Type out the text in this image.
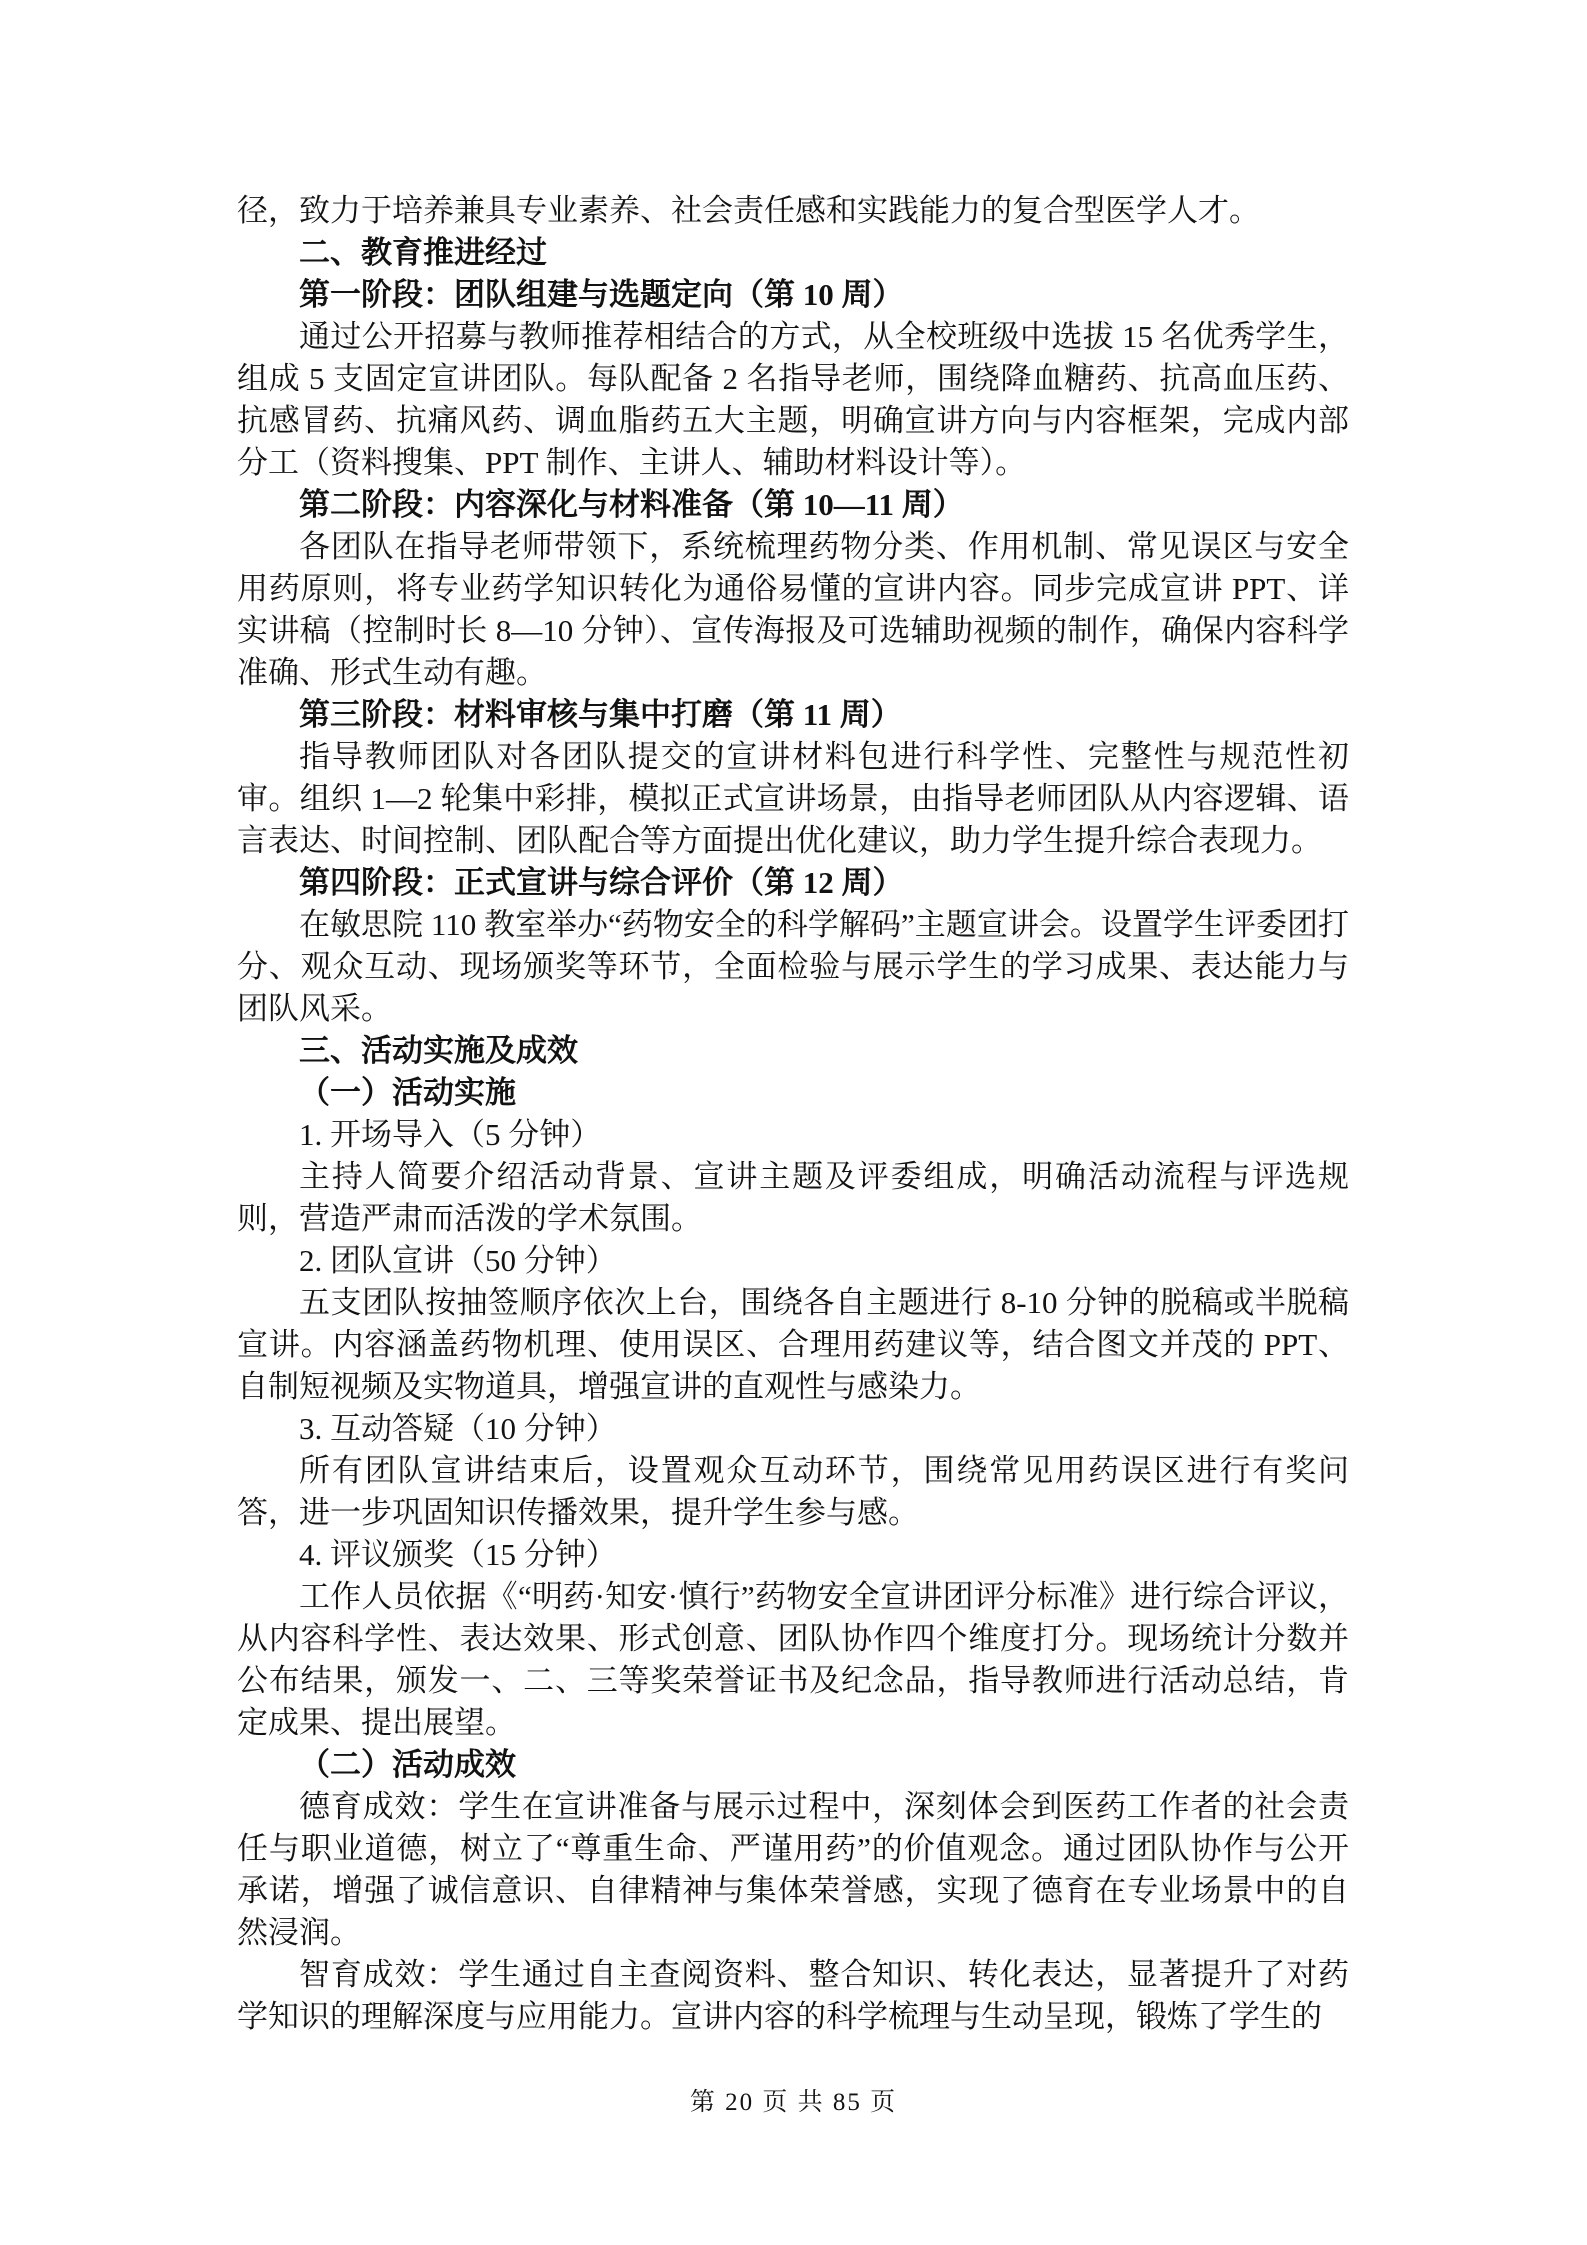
径，致力于培养兼具专业素养、社会责任感和实践能力的复合型医学人才。

二、教育推进经过

第一阶段：团队组建与选题定向（第 10 周）

通过公开招募与教师推荐相结合的方式，从全校班级中选拔 15 名优秀学生，组成 5 支固定宣讲团队。每队配备 2 名指导老师，围绕降血糖药、抗高血压药、抗感冒药、抗痛风药、调血脂药五大主题，明确宣讲方向与内容框架，完成内部分工（资料搜集、PPT 制作、主讲人、辅助材料设计等）。

第二阶段：内容深化与材料准备（第 10—11 周）

各团队在指导老师带领下，系统梳理药物分类、作用机制、常见误区与安全用药原则，将专业药学知识转化为通俗易懂的宣讲内容。同步完成宣讲 PPT、详实讲稿（控制时长 8—10 分钟）、宣传海报及可选辅助视频的制作，确保内容科学准确、形式生动有趣。

第三阶段：材料审核与集中打磨（第 11 周）

指导教师团队对各团队提交的宣讲材料包进行科学性、完整性与规范性初审。组织 1—2 轮集中彩排，模拟正式宣讲场景，由指导老师团队从内容逻辑、语言表达、时间控制、团队配合等方面提出优化建议，助力学生提升综合表现力。

第四阶段：正式宣讲与综合评价（第 12 周）

在敏思院 110 教室举办“药物安全的科学解码”主题宣讲会。设置学生评委团打分、观众互动、现场颁奖等环节，全面检验与展示学生的学习成果、表达能力与团队风采。

三、活动实施及成效

（一）活动实施

1. 开场导入（5 分钟）

主持人简要介绍活动背景、宣讲主题及评委组成，明确活动流程与评选规则，营造严肃而活泼的学术氛围。

2. 团队宣讲（50 分钟）

五支团队按抽签顺序依次上台，围绕各自主题进行 8-10 分钟的脱稿或半脱稿宣讲。内容涵盖药物机理、使用误区、合理用药建议等，结合图文并茂的 PPT、自制短视频及实物道具，增强宣讲的直观性与感染力。

3. 互动答疑（10 分钟）

所有团队宣讲结束后，设置观众互动环节，围绕常见用药误区进行有奖问答，进一步巩固知识传播效果，提升学生参与感。

4. 评议颁奖（15 分钟）

工作人员依据《“明药·知安·慎行”药物安全宣讲团评分标准》进行综合评议，从内容科学性、表达效果、形式创意、团队协作四个维度打分。现场统计分数并公布结果，颁发一、二、三等奖荣誉证书及纪念品，指导教师进行活动总结，肯定成果、提出展望。

（二）活动成效

德育成效：学生在宣讲准备与展示过程中，深刻体会到医药工作者的社会责任与职业道德，树立了“尊重生命、严谨用药”的价值观念。通过团队协作与公开承诺，增强了诚信意识、自律精神与集体荣誉感，实现了德育在专业场景中的自然浸润。

智育成效：学生通过自主查阅资料、整合知识、转化表达，显著提升了对药学知识的理解深度与应用能力。宣讲内容的科学梳理与生动呈现，锻炼了学生的

第 20 页 共 85 页
